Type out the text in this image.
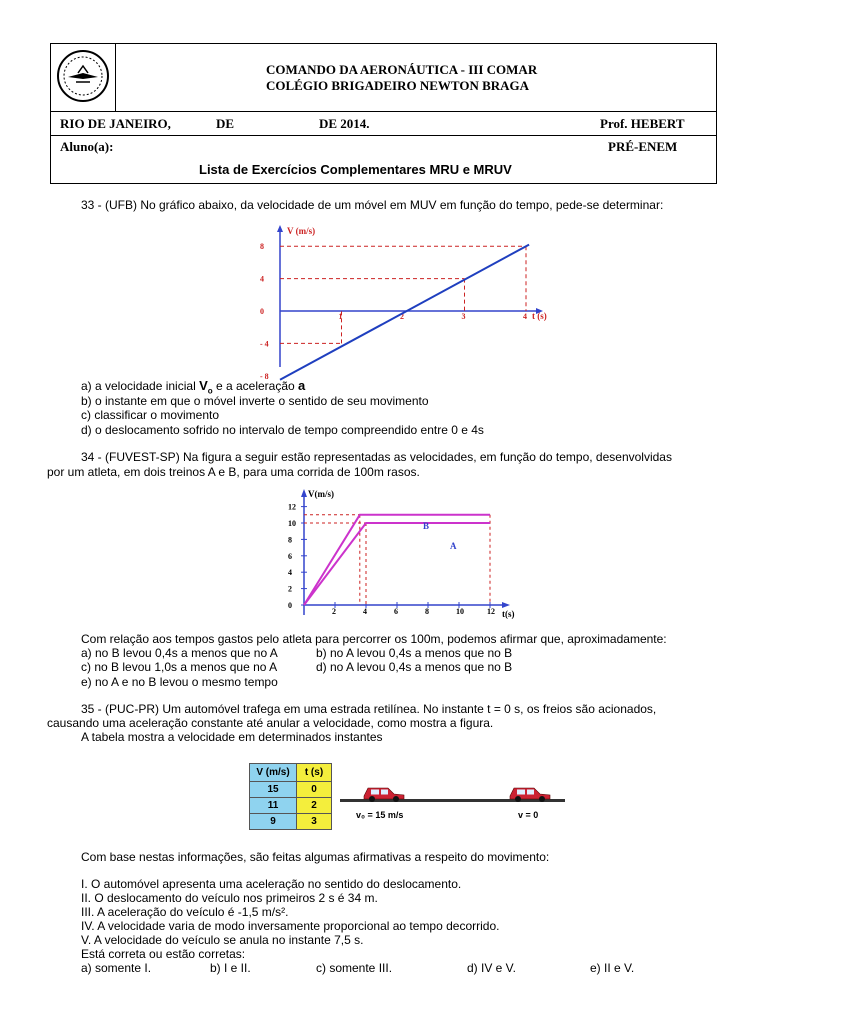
COMANDO DA AERONÁUTICA - III COMAR
COLÉGIO BRIGADEIRO NEWTON BRAGA

RIO DE JANEIRO,	DE	DE 2014.	Prof. HEBERT

Aluno(a):	PRÉ-ENEM
Lista de Exercícios Complementares MRU e MRUV
33 - (UFB) No gráfico abaixo, da velocidade de um móvel em MUV em função do tempo, pede-se determinar:
V (m/s)
t (s)
8
4
0
- 4
- 8
1	2	3	4
a) a velocidade inicial $V_o$ e a aceleração a
b) o instante em que o móvel inverte o sentido de seu movimento
c) classificar o movimento
d) o deslocamento sofrido no intervalo de tempo compreendido entre 0 e 4s
34 - (FUVEST-SP) Na figura a seguir estão representadas as velocidades, em função do tempo, desenvolvidas
por um atleta, em dois treinos A e B, para uma corrida de 100m rasos.
V(m/s)
t(s)
12
10
8
6
4
2
0
2	4	6	8	10	12
B
A
Com relação aos tempos gastos pelo atleta para percorrer os 100m, podemos afirmar que, aproximadamente:
a) no B levou 0,4s a menos que no A	b) no A levou 0,4s a menos que no B
c) no B levou 1,0s a menos que no A	d) no A levou 0,4s a menos que no B
e) no A e no B levou o mesmo tempo
35 - (PUC-PR) Um automóvel trafega em uma estrada retilínea. No instante t = 0 s, os freios são acionados,
causando uma aceleração constante até anular a velocidade, como mostra a figura.
A tabela mostra a velocidade em determinados instantes
V (m/s)	t (s)
15	0
11	2
9	3
v₀ = 15 m/s	v = 0
Com base nestas informações, são feitas algumas afirmativas a respeito do movimento:
I. O automóvel apresenta uma aceleração no sentido do deslocamento.
II. O deslocamento do veículo nos primeiros 2 s é 34 m.
III. A aceleração do veículo é -1,5 m/s².
IV. A velocidade varia de modo inversamente proporcional ao tempo decorrido.
V. A velocidade do veículo se anula no instante 7,5 s.
Está correta ou estão corretas:
a) somente I.	b) I e II.	c) somente III.	d) IV e V.	e) II e V.
